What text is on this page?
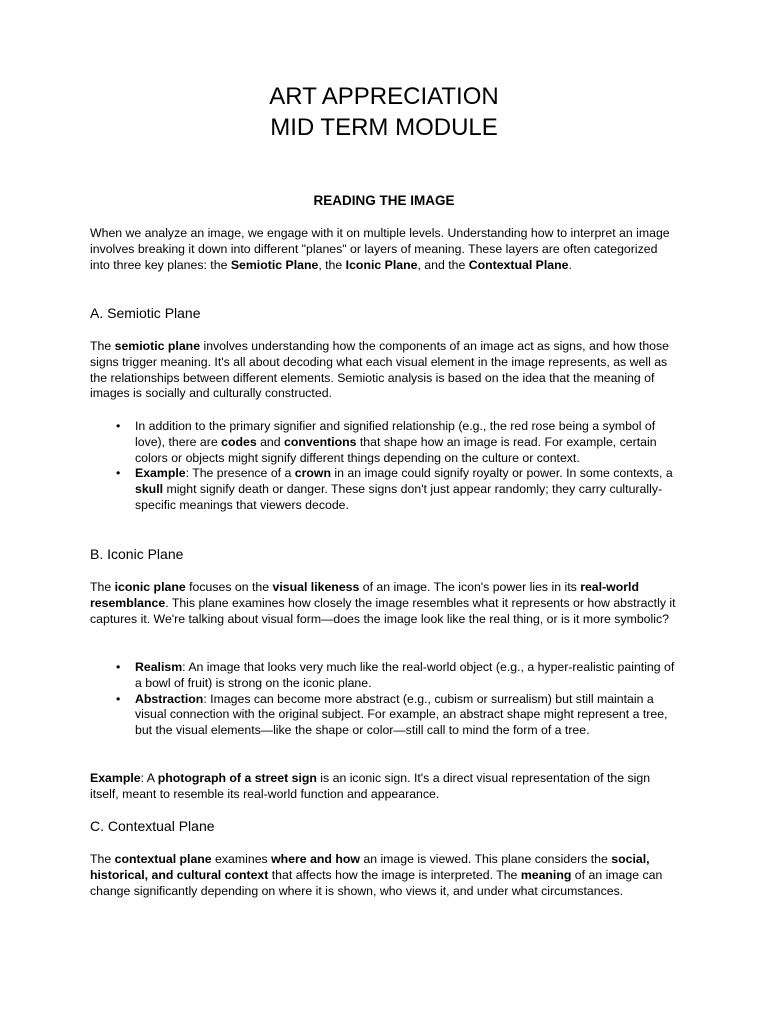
ART APPRECIATION
MID TERM MODULE
READING THE IMAGE

When we analyze an image, we engage with it on multiple levels. Understanding how to interpret an image involves breaking it down into different "planes" or layers of meaning. These layers are often categorized into three key planes: the Semiotic Plane, the Iconic Plane, and the Contextual Plane.

A. Semiotic Plane

The semiotic plane involves understanding how the components of an image act as signs, and how those signs trigger meaning. It's all about decoding what each visual element in the image represents, as well as the relationships between different elements. Semiotic analysis is based on the idea that the meaning of images is socially and culturally constructed.

• In addition to the primary signifier and signified relationship (e.g., the red rose being a symbol of love), there are codes and conventions that shape how an image is read. For example, certain colors or objects might signify different things depending on the culture or context.
• Example: The presence of a crown in an image could signify royalty or power. In some contexts, a skull might signify death or danger. These signs don't just appear randomly; they carry culturally-specific meanings that viewers decode.
B. Iconic Plane

The iconic plane focuses on the visual likeness of an image. The icon's power lies in its real-world resemblance. This plane examines how closely the image resembles what it represents or how abstractly it captures it. We're talking about visual form—does the image look like the real thing, or is it more symbolic?

• Realism: An image that looks very much like the real-world object (e.g., a hyper-realistic painting of a bowl of fruit) is strong on the iconic plane.
• Abstraction: Images can become more abstract (e.g., cubism or surrealism) but still maintain a visual connection with the original subject. For example, an abstract shape might represent a tree, but the visual elements—like the shape or color—still call to mind the form of a tree.

Example: A photograph of a street sign is an iconic sign. It's a direct visual representation of the sign itself, meant to resemble its real-world function and appearance.

C. Contextual Plane

The contextual plane examines where and how an image is viewed. This plane considers the social, historical, and cultural context that affects how the image is interpreted. The meaning of an image can change significantly depending on where it is shown, who views it, and under what circumstances.
